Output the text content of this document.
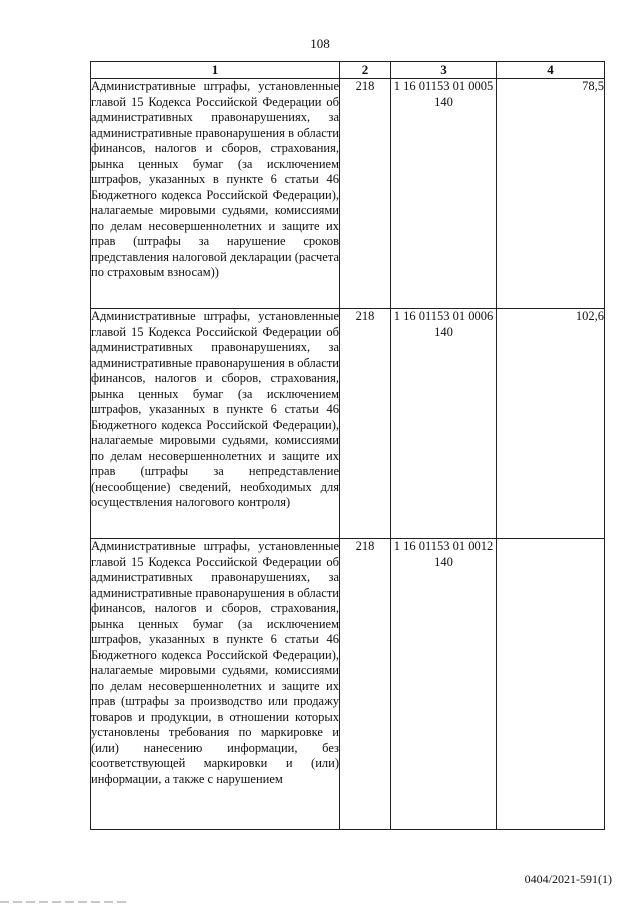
108
1	2	3	4
Административные штрафы, установленные главой 15 Кодекса Российской Федерации об административных правонарушениях, за административные правонарушения в области финансов, налогов и сборов, страхования, рынка ценных бумаг (за исключением штрафов, указанных в пункте 6 статьи 46 Бюджетного кодекса Российской Федерации), налагаемые мировыми судьями, комиссиями по делам несовершеннолетних и защите их прав (штрафы за нарушение сроков представления налоговой декларации (расчета по страховым взносам))	218	1 16 01153 01 0005 140	78,5
Административные штрафы, установленные главой 15 Кодекса Российской Федерации об административных правонарушениях, за административные правонарушения в области финансов, налогов и сборов, страхования, рынка ценных бумаг (за исключением штрафов, указанных в пункте 6 статьи 46 Бюджетного кодекса Российской Федерации), налагаемые мировыми судьями, комиссиями по делам несовершеннолетних и защите их прав (штрафы за непредставление (несообщение) сведений, необходимых для осуществления налогового контроля)	218	1 16 01153 01 0006 140	102,6
Административные штрафы, установленные главой 15 Кодекса Российской Федерации об административных правонарушениях, за административные правонарушения в области финансов, налогов и сборов, страхования, рынка ценных бумаг (за исключением штрафов, указанных в пункте 6 статьи 46 Бюджетного кодекса Российской Федерации), налагаемые мировыми судьями, комиссиями по делам несовершеннолетних и защите их прав (штрафы за производство или продажу товаров и продукции, в отношении которых установлены требования по маркировке и (или) нанесению информации, без соответствующей маркировки и (или) информации, а также с нарушением	218	1 16 01153 01 0012 140	
0404/2021-591(1)
